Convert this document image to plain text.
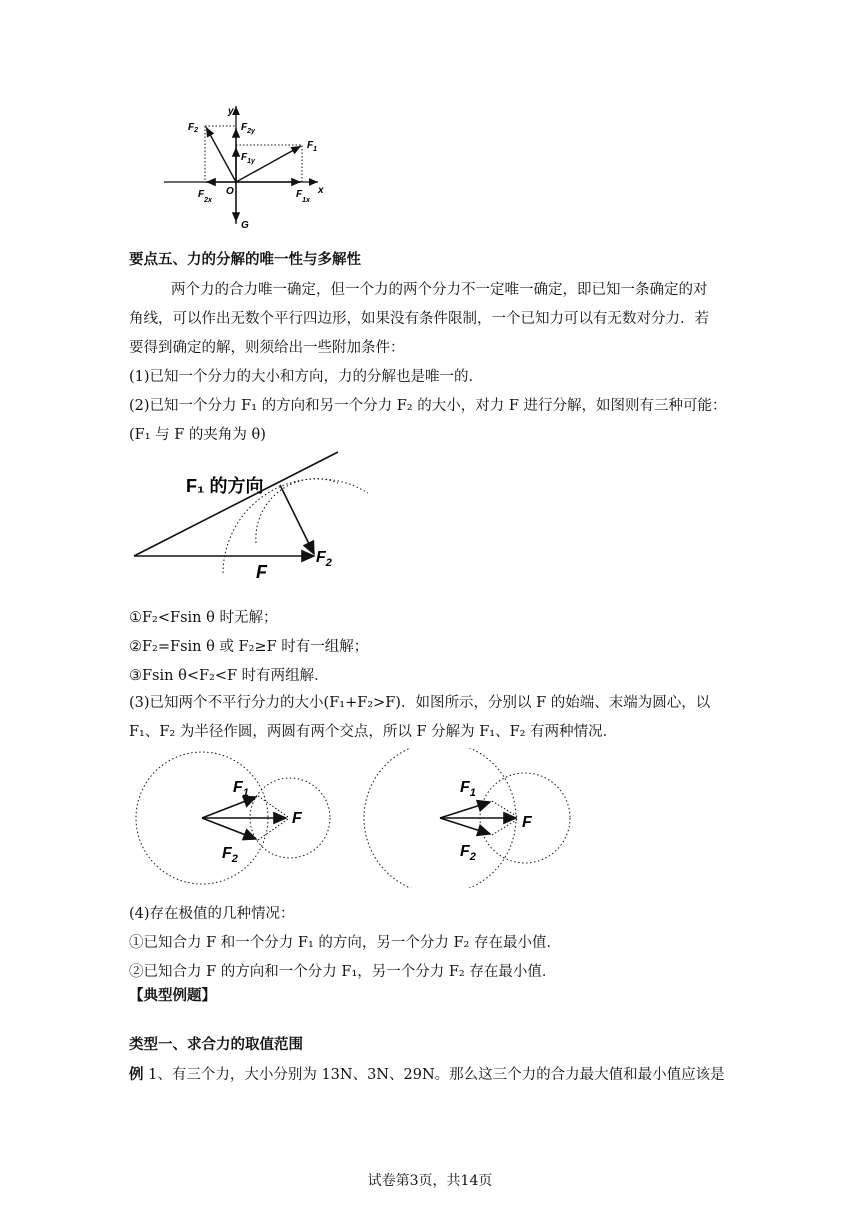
$F_2$
y
$F_{2y}$
$F_1$
$F_{1y}$
O	x
$F_{2x}$
$F_{1x}$
G
要点五、力的分解的唯一性与多解性
两个力的合力唯一确定，但一个力的两个分力不一定唯一确定，即已知一条确定的对
角线，可以作出无数个平行四边形，如果没有条件限制，一个已知力可以有无数对分力．若
要得到确定的解，则须给出一些附加条件：
(1)已知一个分力的大小和方向，力的分解也是唯一的．
(2)已知一个分力 F₁ 的方向和另一个分力 F₂ 的大小，对力 F 进行分解，如图则有三种可能：
(F₁ 与 F 的夹角为 θ)
F₁ 的方向
F
$F_2$
①F₂<Fsin θ 时无解；
②F₂=Fsin θ 或 F₂≥F 时有一组解；
③Fsin θ<F₂<F 时有两组解．
(3)已知两个不平行分力的大小(F₁+F₂>F)．如图所示，分别以 F 的始端、末端为圆心，以
F₁、F₂ 为半径作圆，两圆有两个交点，所以 F 分解为 F₁、F₂ 有两种情况．
$F_1$
F
$F_2$
$F_1$
F
$F_2$
(4)存在极值的几种情况：
①已知合力 F 和一个分力 F₁ 的方向，另一个分力 F₂ 存在最小值．
②已知合力 F 的方向和一个分力 F₁，另一个分力 F₂ 存在最小值．
【典型例题】
类型一、求合力的取值范围
例 1、有三个力，大小分别为 13N、3N、29N。那么这三个力的合力最大值和最小值应该是
试卷第3页，共14页
